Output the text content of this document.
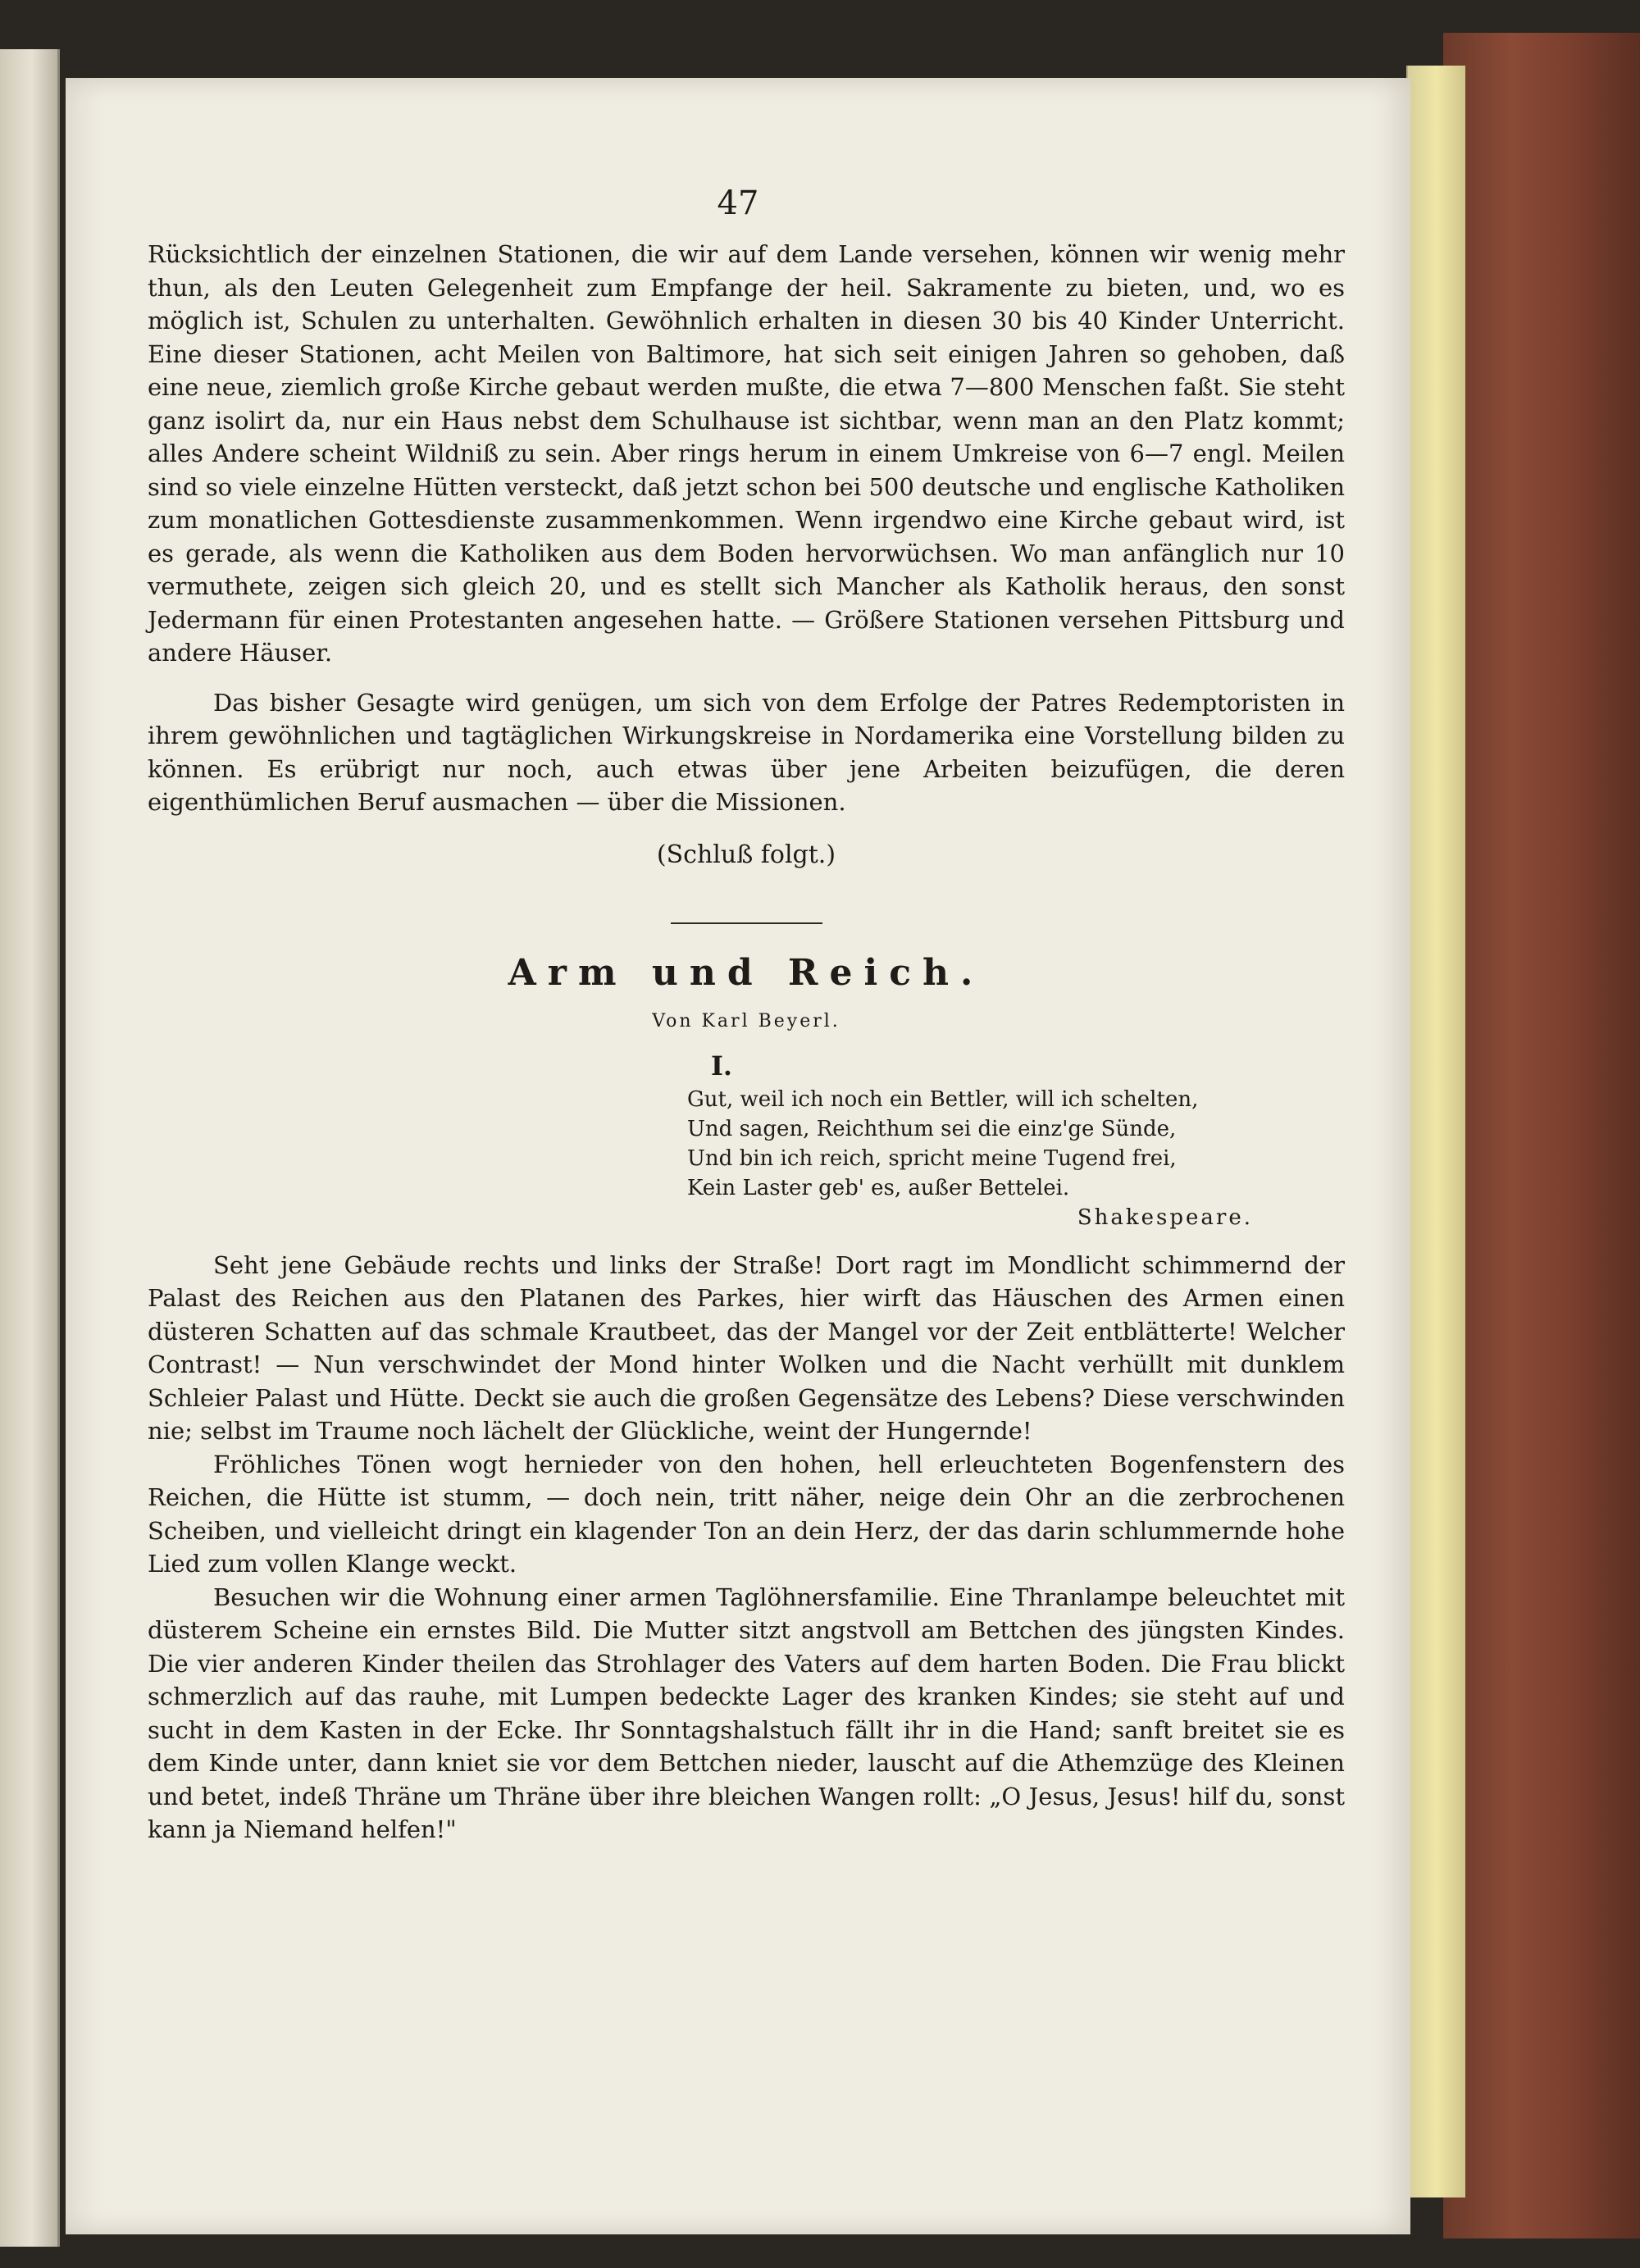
47

Rücksichtlich der einzelnen Stationen, die wir auf dem Lande versehen, können wir wenig mehr thun, als den Leuten Gelegenheit zum Empfange der heil. Sakramente zu bieten, und, wo es möglich ist, Schulen zu unterhalten. Gewöhnlich erhalten in diesen 30 bis 40 Kinder Unterricht. Eine dieser Stationen, acht Meilen von Baltimore, hat sich seit einigen Jahren so gehoben, daß eine neue, ziemlich große Kirche gebaut werden mußte, die etwa 7—800 Menschen faßt. Sie steht ganz isolirt da, nur ein Haus nebst dem Schulhause ist sichtbar, wenn man an den Platz kommt; alles Andere scheint Wildniß zu sein. Aber rings herum in einem Umkreise von 6—7 engl. Meilen sind so viele einzelne Hütten versteckt, daß jetzt schon bei 500 deutsche und englische Katholiken zum monatlichen Gottesdienste zusammenkommen. Wenn irgendwo eine Kirche gebaut wird, ist es gerade, als wenn die Katholiken aus dem Boden hervorwüchsen. Wo man anfänglich nur 10 vermuthete, zeigen sich gleich 20, und es stellt sich Mancher als Katholik heraus, den sonst Jedermann für einen Protestanten angesehen hatte. — Größere Stationen versehen Pittsburg und andere Häuser.

Das bisher Gesagte wird genügen, um sich von dem Erfolge der Patres Redemptoristen in ihrem gewöhnlichen und tagtäglichen Wirkungskreise in Nordamerika eine Vorstellung bilden zu können. Es erübrigt nur noch, auch etwas über jene Arbeiten beizufügen, die deren eigenthümlichen Beruf ausmachen — über die Missionen.

(Schluß folgt.)

Arm und Reich.

Von Karl Beyerl.

I.

Gut, weil ich noch ein Bettler, will ich schelten,

Und sagen, Reichthum sei die einz'ge Sünde,

Und bin ich reich, spricht meine Tugend frei,

Kein Laster geb' es, außer Bettelei.

Shakespeare.

Seht jene Gebäude rechts und links der Straße! Dort ragt im Mondlicht schimmernd der Palast des Reichen aus den Platanen des Parkes, hier wirft das Häuschen des Armen einen düsteren Schatten auf das schmale Krautbeet, das der Mangel vor der Zeit entblätterte! Welcher Contrast! — Nun verschwindet der Mond hinter Wolken und die Nacht verhüllt mit dunklem Schleier Palast und Hütte. Deckt sie auch die großen Gegensätze des Lebens? Diese verschwinden nie; selbst im Traume noch lächelt der Glückliche, weint der Hungernde!

Fröhliches Tönen wogt hernieder von den hohen, hell erleuchteten Bogenfenstern des Reichen, die Hütte ist stumm, — doch nein, tritt näher, neige dein Ohr an die zerbrochenen Scheiben, und vielleicht dringt ein klagender Ton an dein Herz, der das darin schlummernde hohe Lied zum vollen Klange weckt.

Besuchen wir die Wohnung einer armen Taglöhnersfamilie. Eine Thranlampe beleuchtet mit düsterem Scheine ein ernstes Bild. Die Mutter sitzt angstvoll am Bettchen des jüngsten Kindes. Die vier anderen Kinder theilen das Strohlager des Vaters auf dem harten Boden. Die Frau blickt schmerzlich auf das rauhe, mit Lumpen bedeckte Lager des kranken Kindes; sie steht auf und sucht in dem Kasten in der Ecke. Ihr Sonntagshalstuch fällt ihr in die Hand; sanft breitet sie es dem Kinde unter, dann kniet sie vor dem Bettchen nieder, lauscht auf die Athemzüge des Kleinen und betet, indeß Thräne um Thräne über ihre bleichen Wangen rollt: „O Jesus, Jesus! hilf du, sonst kann ja Niemand helfen!"
